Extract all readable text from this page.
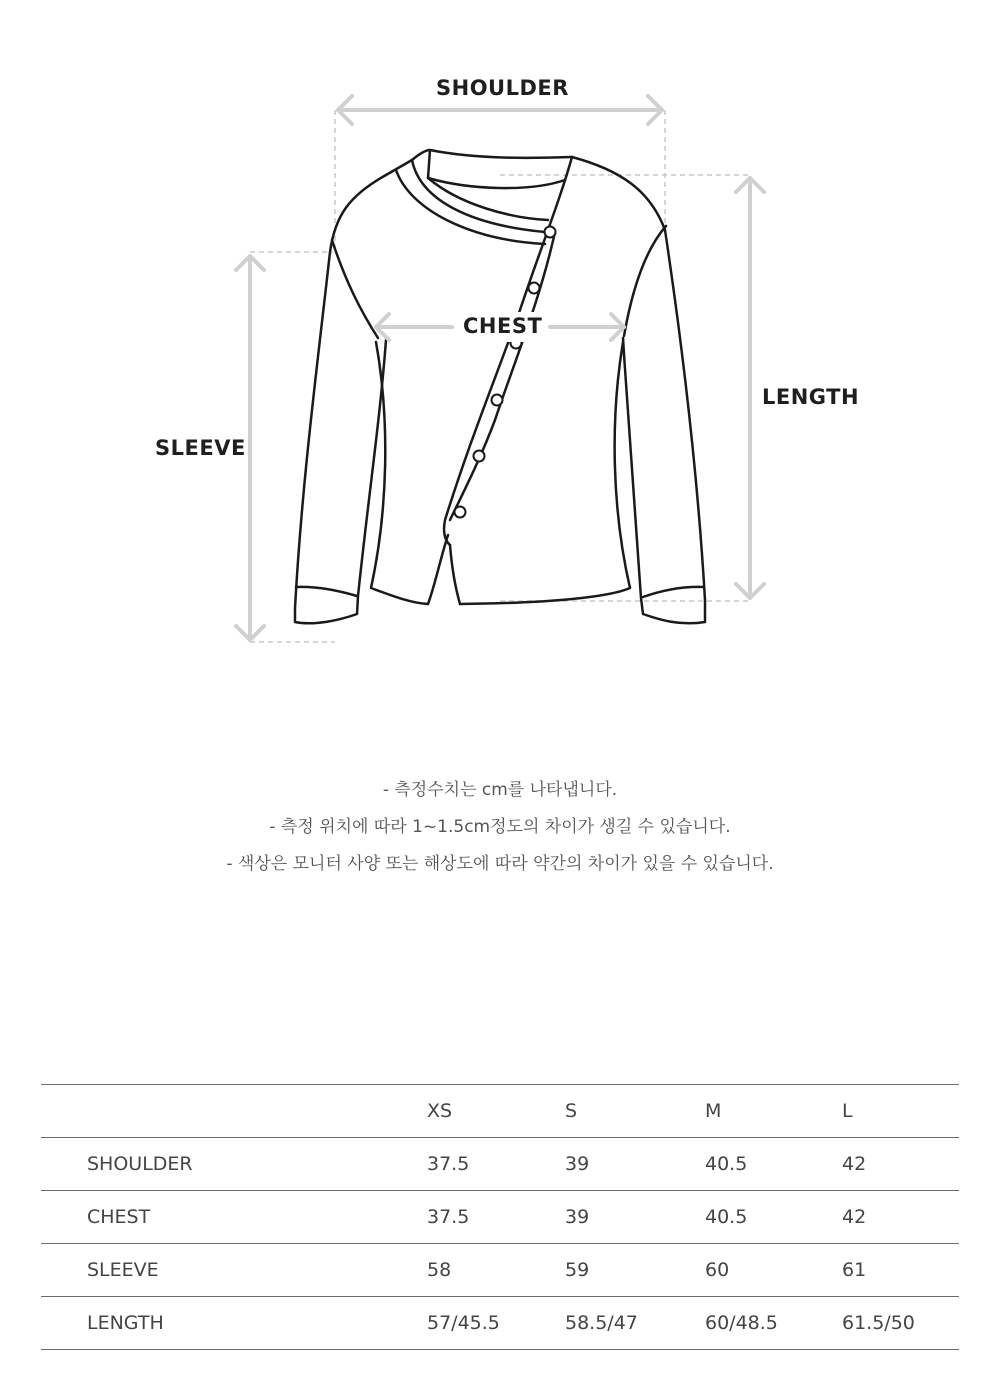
SHOULDER
CHEST
SLEEVE
LENGTH
- 측정수치는 cm를 나타냅니다.
- 측정 위치에 따라 1~1.5cm정도의 차이가 생길 수 있습니다.
- 색상은 모니터 사양 또는 해상도에 따라 약간의 차이가 있을 수 있습니다.
	XS	S	M	L
SHOULDER	37.5	39	40.5	42
CHEST	37.5	39	40.5	42
SLEEVE	58	59	60	61
LENGTH	57/45.5	58.5/47	60/48.5	61.5/50
